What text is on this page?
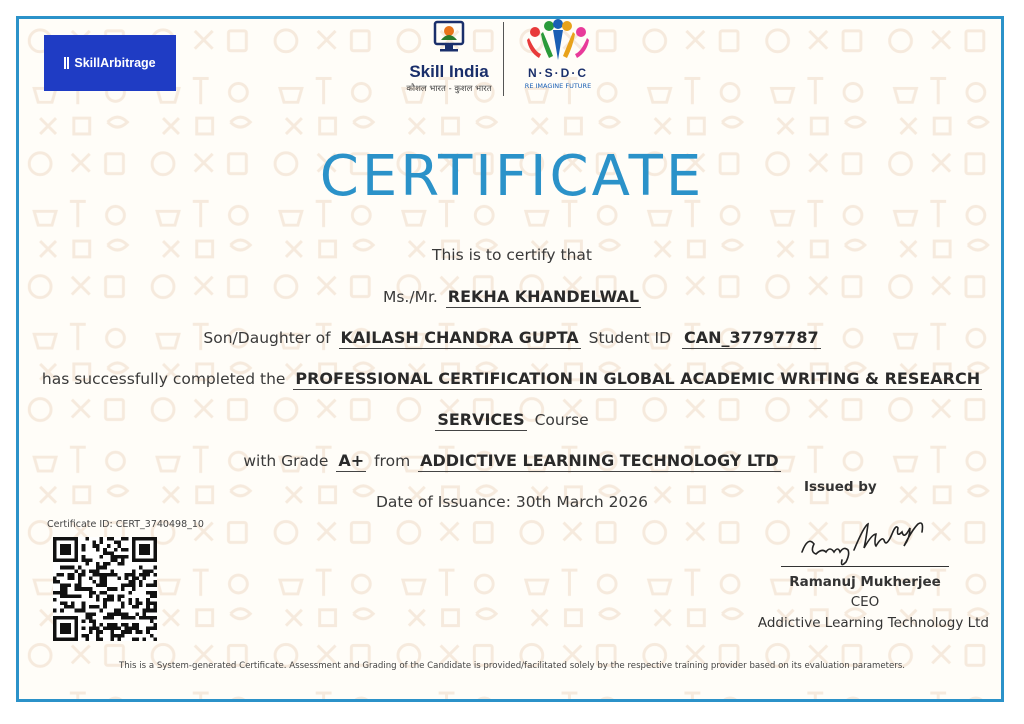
SkillArbitrage	Skill India
कौशल भारत - कुशल भारत
N·S·D·C
RE IMAGINE FUTURE
CERTIFICATE
This is to certify that
Ms./Mr. REKHA KHANDELWAL
Son/Daughter of KAILASH CHANDRA GUPTA Student ID CAN_37797787
has successfully completed the PROFESSIONAL CERTIFICATION IN GLOBAL ACADEMIC WRITING & RESEARCH
SERVICES Course
with Grade A+ from ADDICTIVE LEARNING TECHNOLOGY LTD
Date of Issuance: 30th March 2026
Certificate ID: CERT_3740498_10
Issued by
Ramanuj Mukherjee
CEO
Addictive Learning Technology Ltd
This is a System-generated Certificate. Assessment and Grading of the Candidate is provided/facilitated solely by the respective training provider based on its evaluation parameters.
